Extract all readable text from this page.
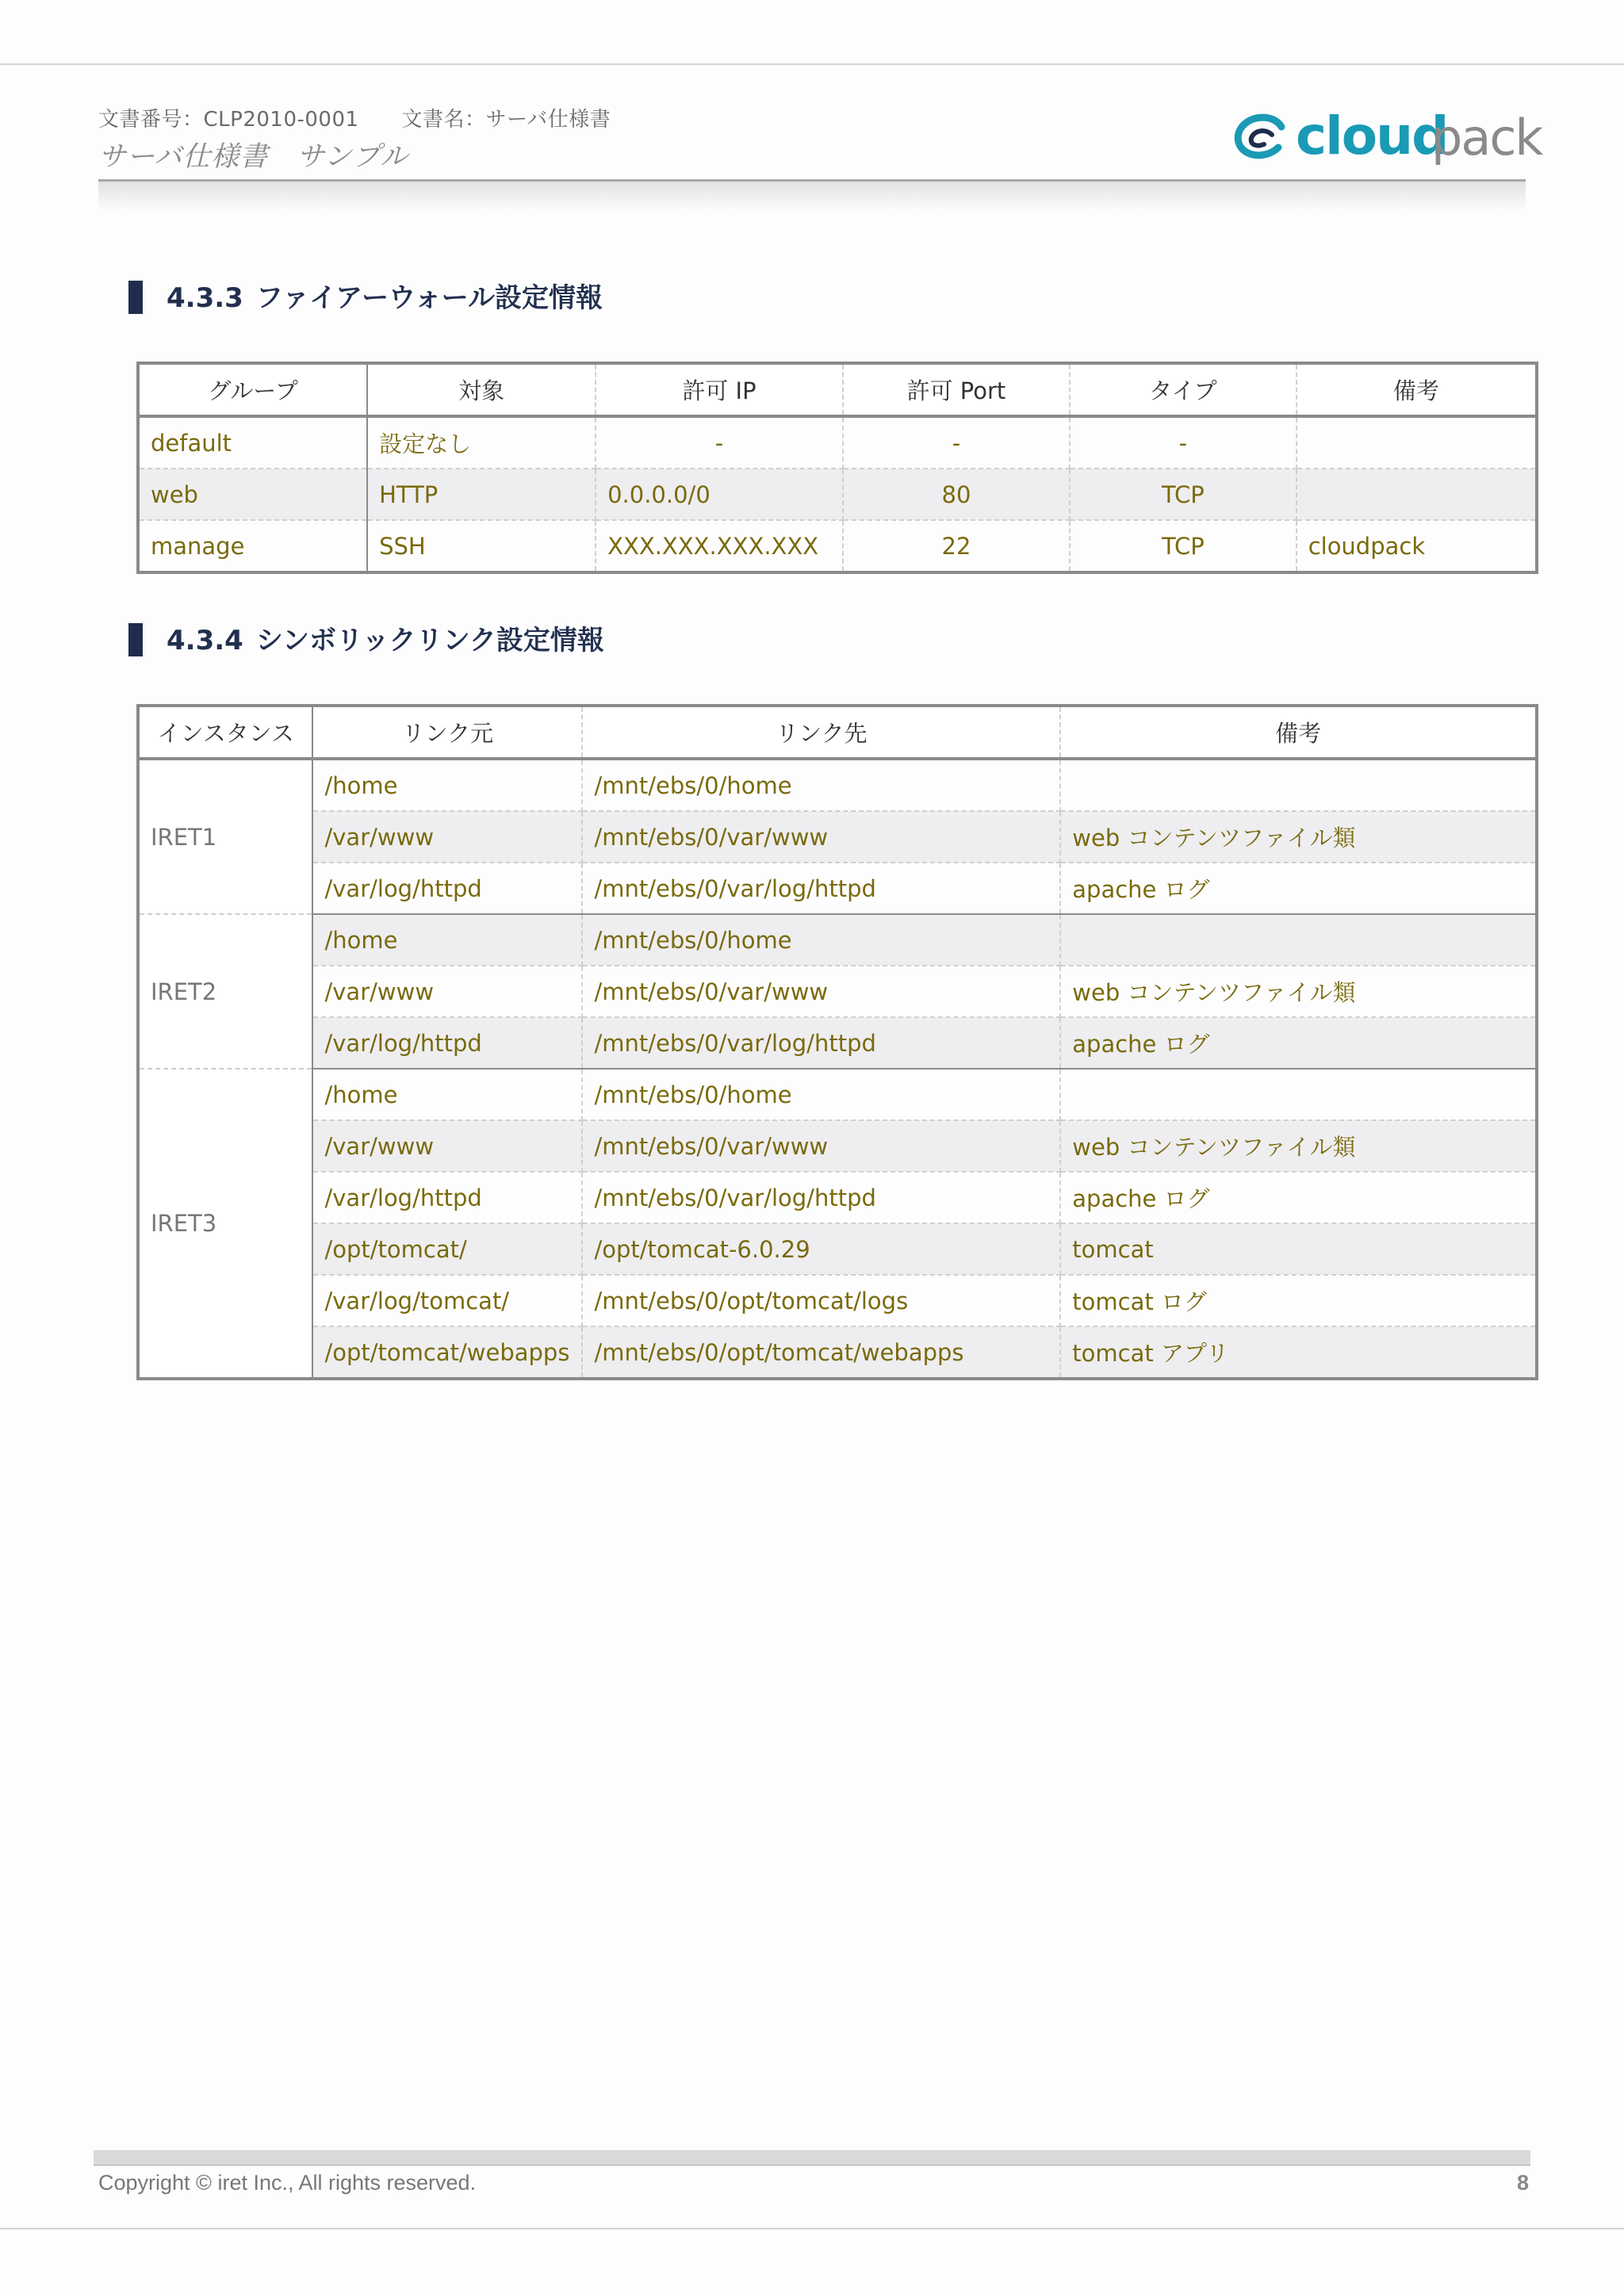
文書番号：CLP2010-0001 文書名：サーバ仕様書
サーバ仕様書　サンプル	cloud
pack
4.3.3 ファイアーウォール設定情報
グループ	対象	許可 IP	許可 Port	タイプ	備考
default	設定なし	-	-	-	
web	HTTP	0.0.0.0/0	80	TCP	
manage	SSH	XXX.XXX.XXX.XXX	22	TCP	cloudpack
4.3.4 シンボリックリンク設定情報
インスタンス	リンク元	リンク先	備考
IRET1	/home	/mnt/ebs/0/home	
	/var/www	/mnt/ebs/0/var/www	web コンテンツファイル類
	/var/log/httpd	/mnt/ebs/0/var/log/httpd	apache ログ
IRET2	/home	/mnt/ebs/0/home	
	/var/www	/mnt/ebs/0/var/www	web コンテンツファイル類
	/var/log/httpd	/mnt/ebs/0/var/log/httpd	apache ログ
IRET3	/home	/mnt/ebs/0/home	
	/var/www	/mnt/ebs/0/var/www	web コンテンツファイル類
	/var/log/httpd	/mnt/ebs/0/var/log/httpd	apache ログ
	/opt/tomcat/	/opt/tomcat-6.0.29	tomcat
	/var/log/tomcat/	/mnt/ebs/0/opt/tomcat/logs	tomcat ログ
	/opt/tomcat/webapps	/mnt/ebs/0/opt/tomcat/webapps	tomcat アプリ
Copyright © iret Inc., All rights reserved.	8
